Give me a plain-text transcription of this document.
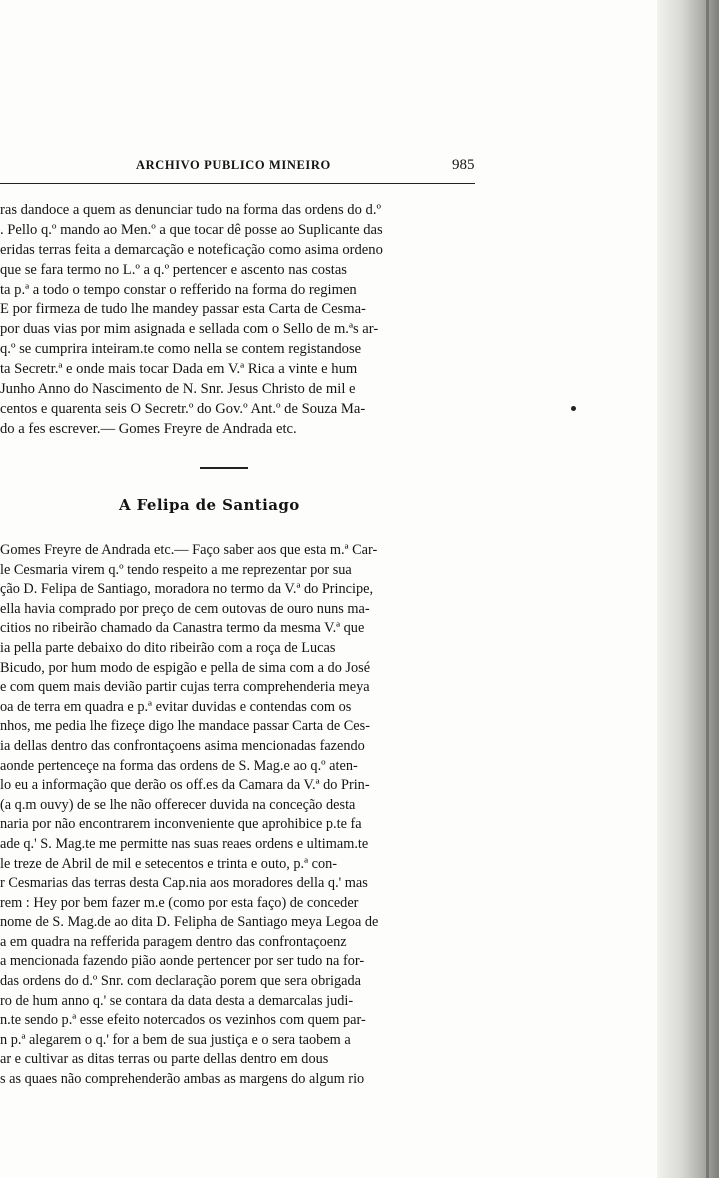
ARCHIVO PUBLICO MINEIRO	985
ras dandoce a quem as denunciar tudo na forma das ordens do d.º
. Pello q.º mando ao Men.º a que tocar dê posse ao Suplicante das
eridas terras feita a demarcação e noteficação como asima ordeno
que se fara termo no L.º a q.º pertencer e ascento nas costas
ta p.ª a todo o tempo constar o refferido na forma do regimen
E por firmeza de tudo lhe mandey passar esta Carta de Cesma-
por duas vias por mim asignada e sellada com o Sello de m.ªs ar-
q.º se cumprira inteiram.te como nella se contem registandose
ta Secretr.ª e onde mais tocar Dada em V.ª Rica a vinte e hum
Junho Anno do Nascimento de N. Snr. Jesus Christo de mil e
centos e quarenta seis O Secretr.º do Gov.º Ant.º de Souza Ma-
do a fes escrever.— Gomes Freyre de Andrada etc.
A Felipa de Santiago
Gomes Freyre de Andrada etc.— Faço saber aos que esta m.ª Car-
le Cesmaria virem q.º tendo respeito a me reprezentar por sua
ção D. Felipa de Santiago, moradora no termo da V.ª do Principe,
ella havia comprado por preço de cem outovas de ouro nuns ma-
citios no ribeirão chamado da Canastra termo da mesma V.ª que
ia pella parte debaixo do dito ribeirão com a roça de Lucas
Bicudo, por hum modo de espigão e pella de sima com a do José
e com quem mais devião partir cujas terra comprehenderia meya
oa de terra em quadra e p.ª evitar duvidas e contendas com os
nhos, me pedia lhe fizeçe digo lhe mandace passar Carta de Ces-
ia dellas dentro das confrontaçoens asima mencionadas fazendo
aonde pertenceçe na forma das ordens de S. Mag.e ao q.º aten-
lo eu a informação que derão os off.es da Camara da V.ª do Prin-
(a q.m ouvy) de se lhe não offerecer duvida na conceção desta
naria por não encontrarem inconveniente que aprohibice p.te fa
ade q.' S. Mag.te me permitte nas suas reaes ordens e ultimam.te
le treze de Abril de mil e setecentos e trinta e outo, p.ª con-
r Cesmarias das terras desta Cap.nia aos moradores della q.' mas
rem : Hey por bem fazer m.e (como por esta faço) de conceder
nome de S. Mag.de ao dita D. Felipha de Santiago meya Legoa de
a em quadra na refferida paragem dentro das confrontaçoenz
a mencionada fazendo pião aonde pertencer por ser tudo na for-
das ordens do d.º Snr. com declaração porem que sera obrigada
ro de hum anno q.' se contara da data desta a demarcalas judi-
n.te sendo p.ª esse efeito notercados os vezinhos com quem par-
n p.ª alegarem o q.' for a bem de sua justiça e o sera taobem a
ar e cultivar as ditas terras ou parte dellas dentro em dous
s as quaes não comprehenderão ambas as margens do algum rio
